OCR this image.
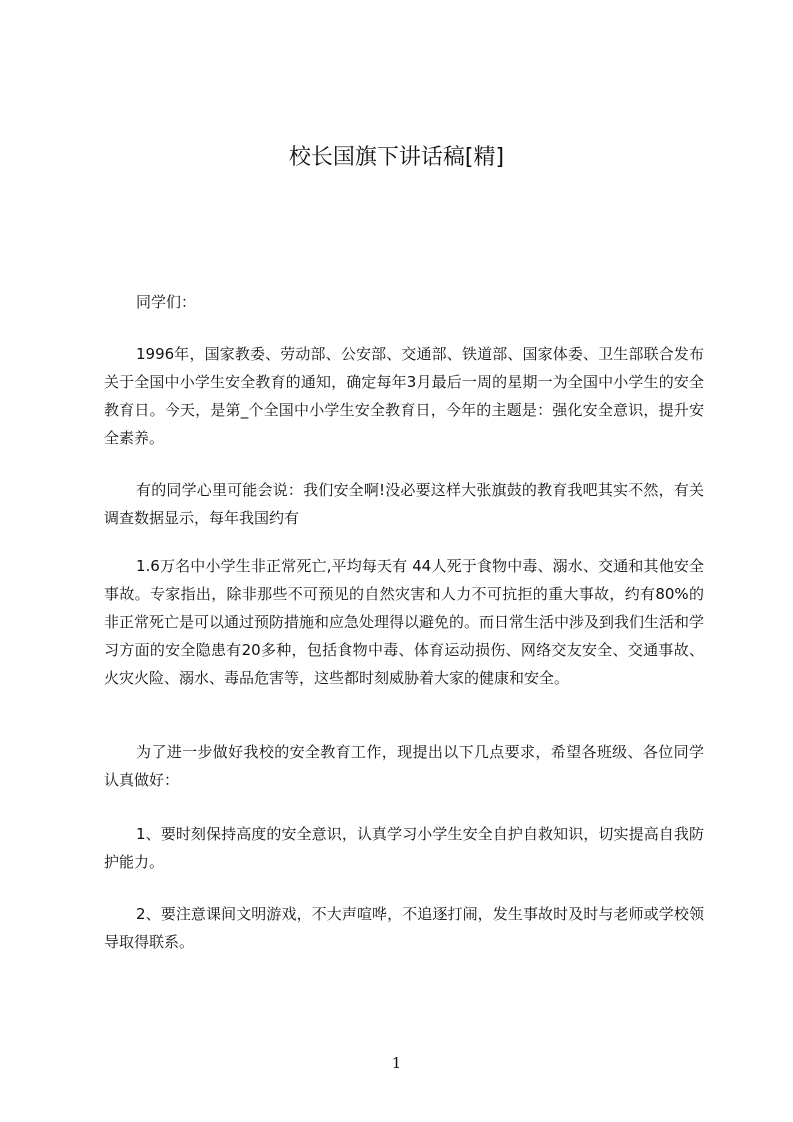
校长国旗下讲话稿[精]

同学们：

1996年，国家教委、劳动部、公安部、交通部、铁道部、国家体委、卫生部联合发布关于全国中小学生安全教育的通知，确定每年3月最后一周的星期一为全国中小学生的安全教育日。今天，是第_个全国中小学生安全教育日，今年的主题是：强化安全意识，提升安全素养。

有的同学心里可能会说：我们安全啊!没必要这样大张旗鼓的教育我吧其实不然，有关调查数据显示，每年我国约有

1.6万名中小学生非正常死亡,平均每天有 44人死于食物中毒、溺水、交通和其他安全事故。专家指出，除非那些不可预见的自然灾害和人力不可抗拒的重大事故，约有80%的非正常死亡是可以通过预防措施和应急处理得以避免的。而日常生活中涉及到我们生活和学习方面的安全隐患有20多种，包括食物中毒、体育运动损伤、网络交友安全、交通事故、火灾火险、溺水、毒品危害等，这些都时刻威胁着大家的健康和安全。

为了进一步做好我校的安全教育工作，现提出以下几点要求，希望各班级、各位同学认真做好：

1、要时刻保持高度的安全意识，认真学习小学生安全自护自救知识，切实提高自我防护能力。

2、要注意课间文明游戏，不大声喧哗，不追逐打闹，发生事故时及时与老师或学校领导取得联系。

1
